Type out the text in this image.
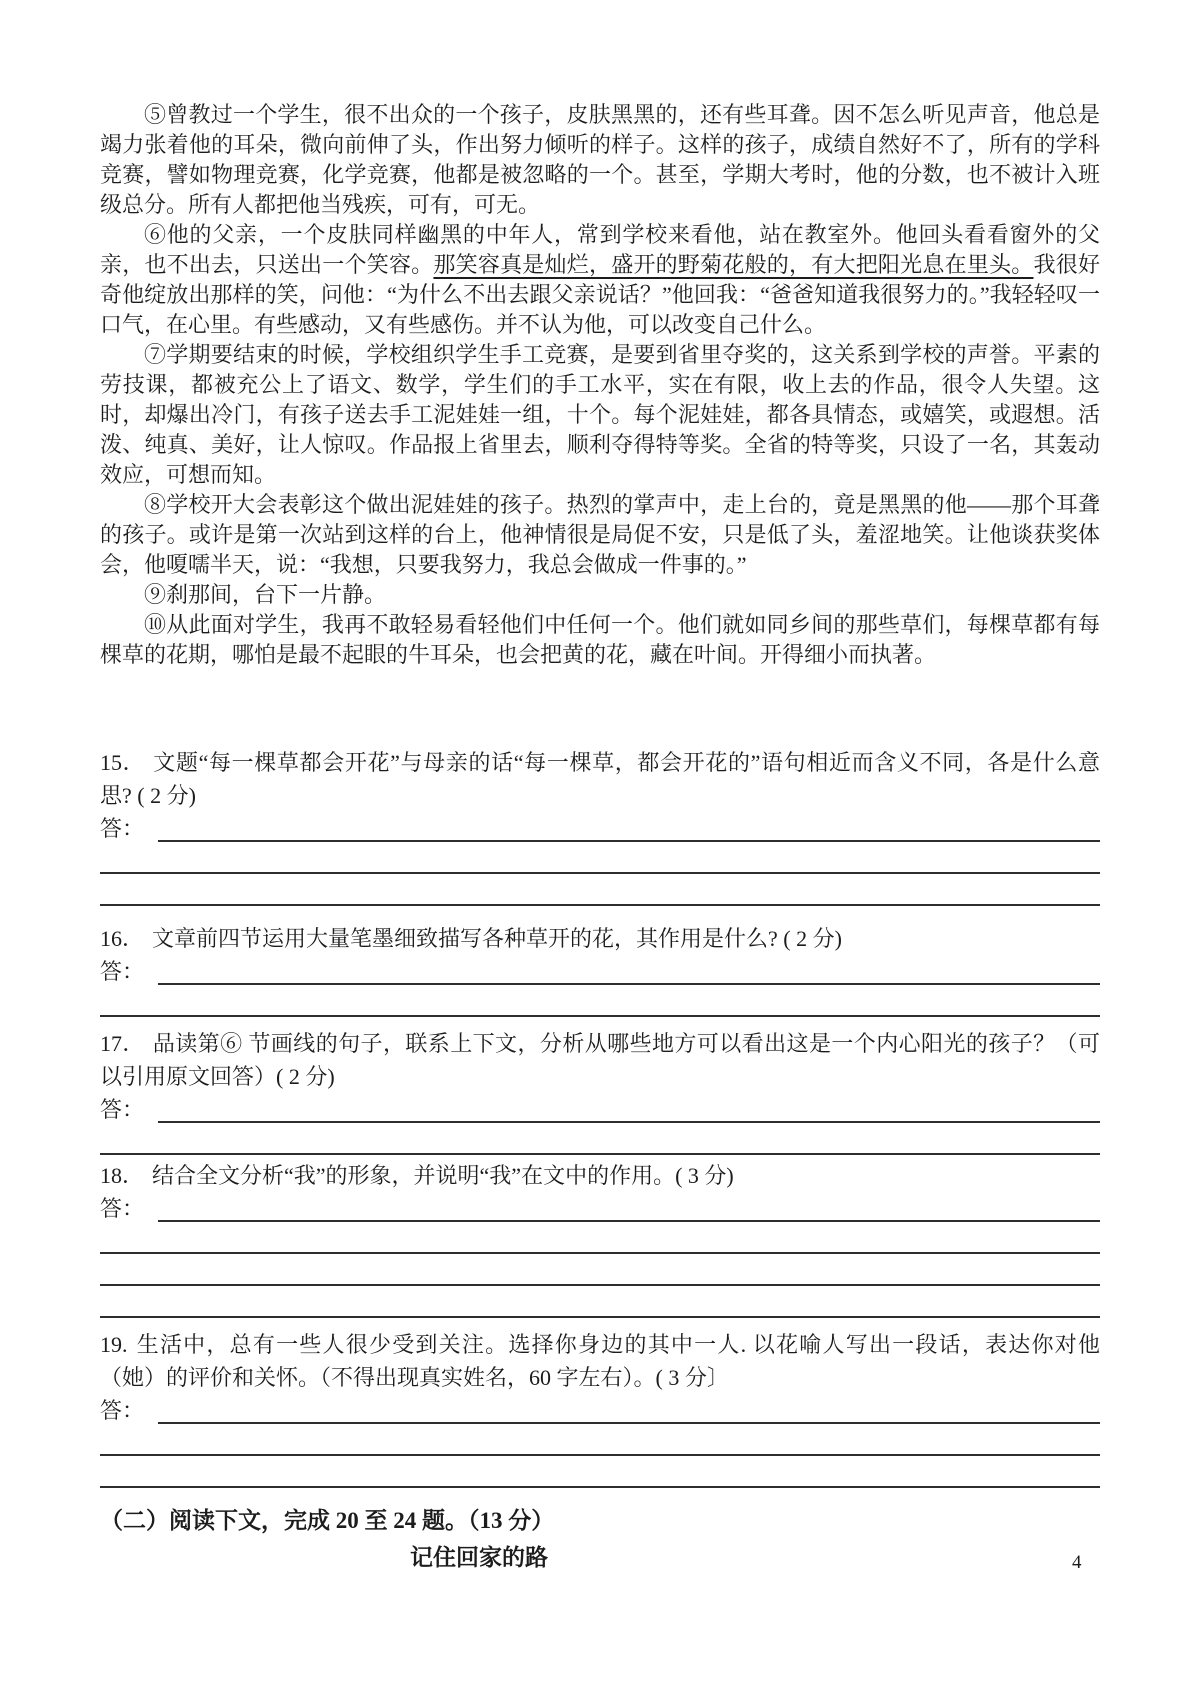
⑤曾教过一个学生，很不出众的一个孩子，皮肤黑黑的，还有些耳聋。因不怎么听见声音，他总是竭力张着他的耳朵，微向前伸了头，作出努力倾听的样子。这样的孩子，成绩自然好不了，所有的学科竞赛，譬如物理竞赛，化学竞赛，他都是被忽略的一个。甚至，学期大考时，他的分数，也不被计入班级总分。所有人都把他当残疾，可有，可无。

⑥他的父亲，一个皮肤同样幽黑的中年人，常到学校来看他，站在教室外。他回头看看窗外的父亲，也不出去，只送出一个笑容。那笑容真是灿烂，盛开的野菊花般的，有大把阳光息在里头。我很好奇他绽放出那样的笑，问他：“为什么不出去跟父亲说话？”他回我：“爸爸知道我很努力的。”我轻轻叹一口气，在心里。有些感动，又有些感伤。并不认为他，可以改变自己什么。

⑦学期要结束的时候，学校组织学生手工竞赛，是要到省里夺奖的，这关系到学校的声誉。平素的劳技课，都被充公上了语文、数学，学生们的手工水平，实在有限，收上去的作品，很令人失望。这时，却爆出冷门，有孩子送去手工泥娃娃一组，十个。每个泥娃娃，都各具情态，或嬉笑，或遐想。活泼、纯真、美好，让人惊叹。作品报上省里去，顺利夺得特等奖。全省的特等奖，只设了一名，其轰动效应，可想而知。

⑧学校开大会表彰这个做出泥娃娃的孩子。热烈的掌声中，走上台的，竟是黑黑的他——那个耳聋的孩子。或许是第一次站到这样的台上，他神情很是局促不安，只是低了头，羞涩地笑。让他谈获奖体会，他嗄嚅半天，说：“我想，只要我努力，我总会做成一件事的。”

⑨刹那间，台下一片静。

⑩从此面对学生，我再不敢轻易看轻他们中任何一个。他们就如同乡间的那些草们，每棵草都有每棵草的花期，哪怕是最不起眼的牛耳朵，也会把黄的花，藏在叶间。开得细小而执著。

15． 文题“每一棵草都会开花”与母亲的话“每一棵草，都会开花的”语句相近而含义不同，各是什么意思? ( 2 分)

答：

16． 文章前四节运用大量笔墨细致描写各种草开的花，其作用是什么? ( 2 分)

答：

17． 品读第⑥ 节画线的句子，联系上下文，分析从哪些地方可以看出这是一个内心阳光的孩子？（可以引用原文回答）( 2 分)

答：

18． 结合全文分析“我”的形象，并说明“我”在文中的作用。( 3 分)

答：

19. 生活中，总有一些人很少受到关注。选择你身边的其中一人. 以花喻人写出一段话，表达你对他（她）的评价和关怀。（不得出现真实姓名，60 字左右）。( 3 分〕

答：

（二）阅读下文，完成 20 至 24 题。（13 分）

记住回家的路	4
